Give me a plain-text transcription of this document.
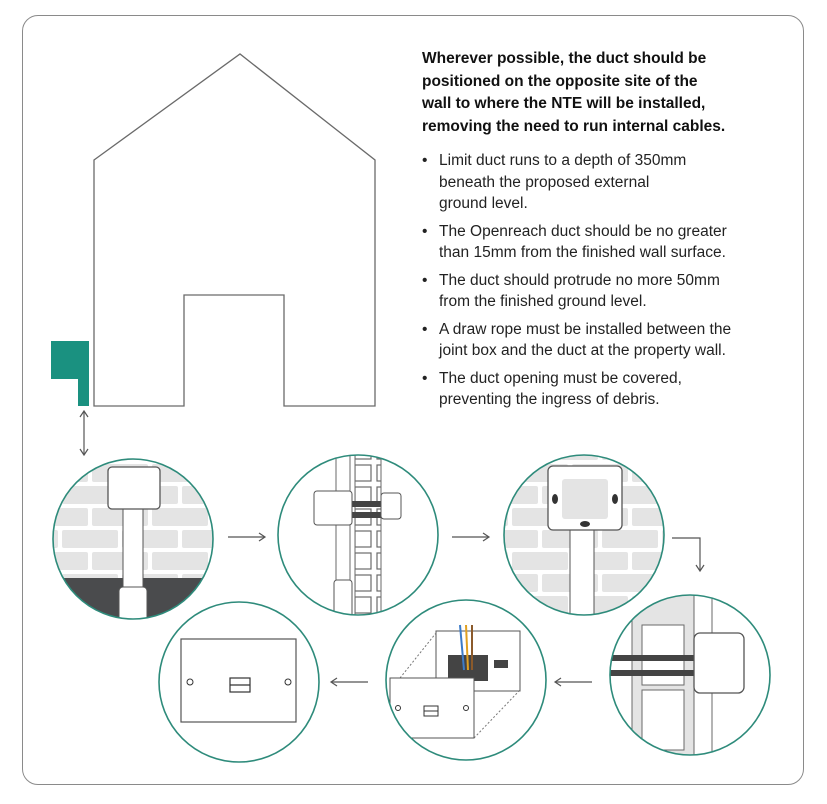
Wherever possible, the duct should be
positioned on the opposite site of the
wall to where the NTE will be installed,
removing the need to run internal cables.
• Limit duct runs to a depth of 350mm
beneath the proposed external
ground level.
• The Openreach duct should be no greater
than 15mm from the finished wall surface.
• The duct should protrude no more 50mm
from the finished ground level.
• A draw rope must be installed between the
joint box and the duct at the property wall.
• The duct opening must be covered,
preventing the ingress of debris.
